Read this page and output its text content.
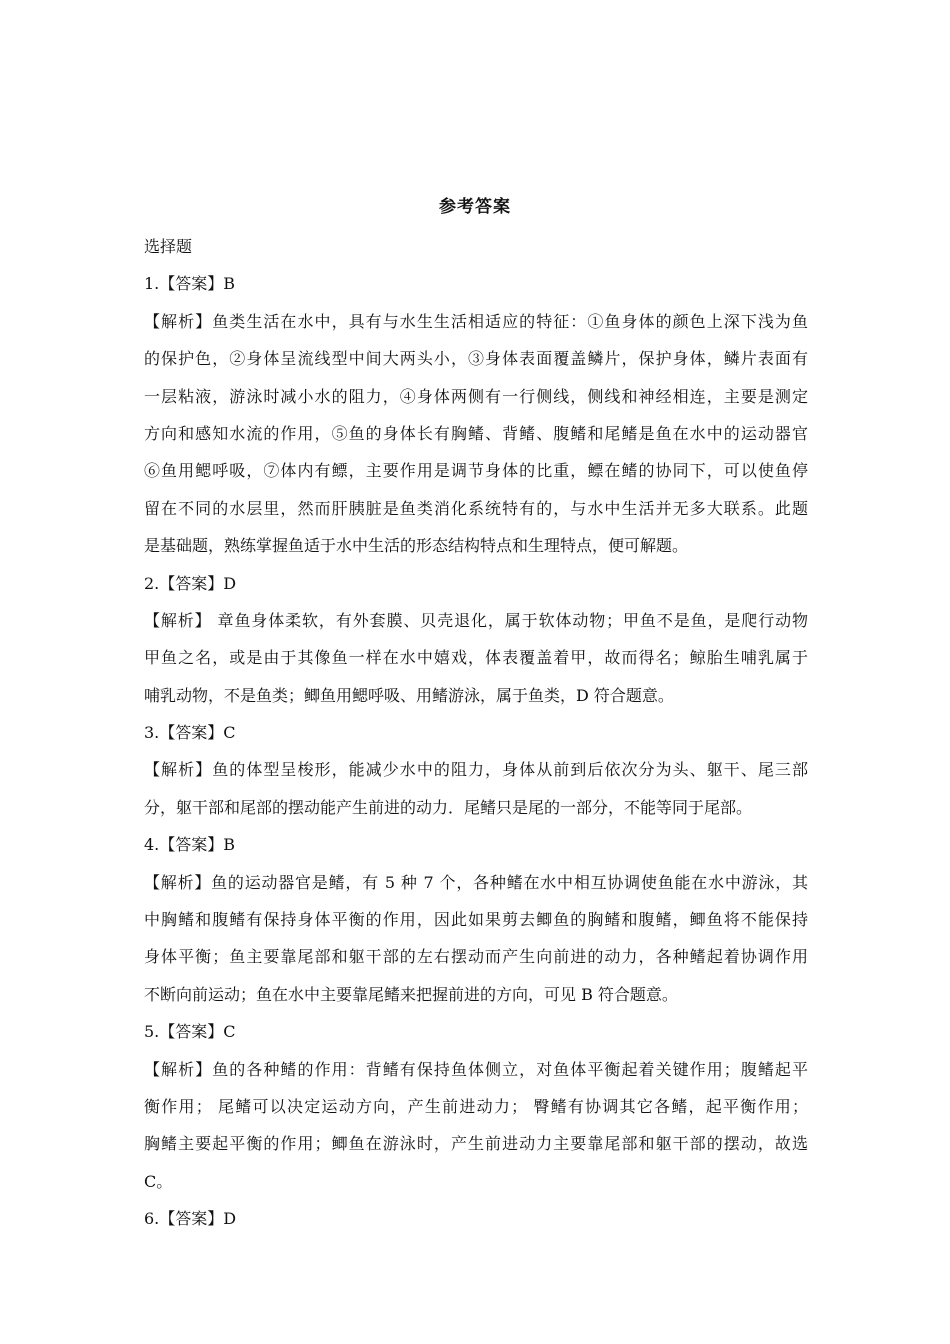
参考答案
选择题
1.【答案】B
【解析】鱼类生活在水中，具有与水生生活相适应的特征：①鱼身体的颜色上深下浅为鱼
的保护色，②身体呈流线型中间大两头小，③身体表面覆盖鳞片，保护身体，鳞片表面有
一层粘液，游泳时减小水的阻力，④身体两侧有一行侧线，侧线和神经相连，主要是测定
方向和感知水流的作用，⑤鱼的身体长有胸鳍、背鳍、腹鳍和尾鳍是鱼在水中的运动器官
⑥鱼用鳃呼吸，⑦体内有鳔，主要作用是调节身体的比重，鳔在鳍的协同下，可以使鱼停
留在不同的水层里，然而肝胰脏是鱼类消化系统特有的，与水中生活并无多大联系。此题
是基础题，熟练掌握鱼适于水中生活的形态结构特点和生理特点，便可解题。
2.【答案】D
【解析】 章鱼身体柔软，有外套膜、贝壳退化，属于软体动物；甲鱼不是鱼，是爬行动物
甲鱼之名，或是由于其像鱼一样在水中嬉戏，体表覆盖着甲，故而得名；鲸胎生哺乳属于
哺乳动物，不是鱼类；鲫鱼用鳃呼吸、用鳍游泳，属于鱼类，D 符合题意。
3.【答案】C
【解析】鱼的体型呈梭形，能减少水中的阻力，身体从前到后依次分为头、躯干、尾三部
分，躯干部和尾部的摆动能产生前进的动力．尾鳍只是尾的一部分，不能等同于尾部。
4.【答案】B
【解析】鱼的运动器官是鳍，有 5 种 7 个，各种鳍在水中相互协调使鱼能在水中游泳，其
中胸鳍和腹鳍有保持身体平衡的作用，因此如果剪去鲫鱼的胸鳍和腹鳍，鲫鱼将不能保持
身体平衡；鱼主要靠尾部和躯干部的左右摆动而产生向前进的动力，各种鳍起着协调作用
不断向前运动；鱼在水中主要靠尾鳍来把握前进的方向，可见 B 符合题意。
5.【答案】C
【解析】鱼的各种鳍的作用：背鳍有保持鱼体侧立，对鱼体平衡起着关键作用；腹鳍起平
衡作用； 尾鳍可以决定运动方向，产生前进动力； 臀鳍有协调其它各鳍，起平衡作用；
胸鳍主要起平衡的作用；鲫鱼在游泳时，产生前进动力主要靠尾部和躯干部的摆动，故选
C。
6.【答案】D
